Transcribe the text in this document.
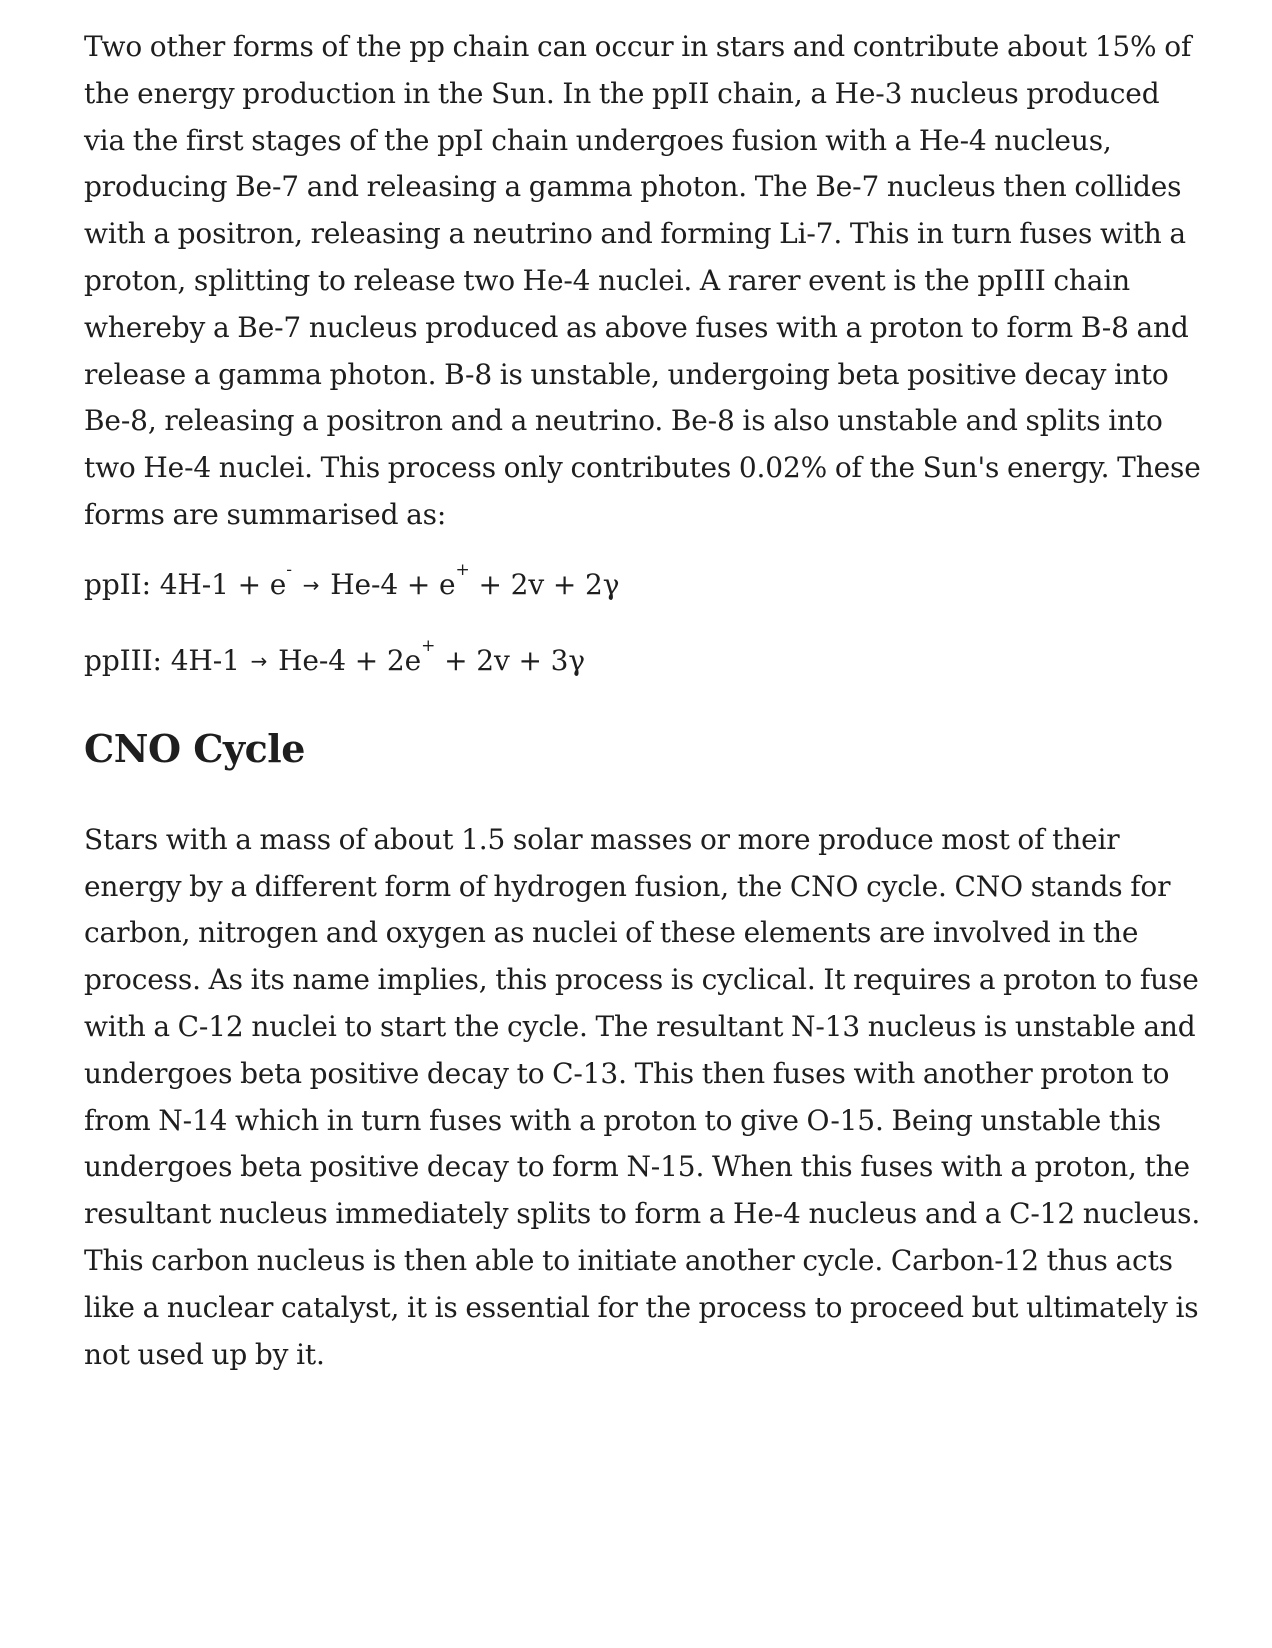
Two other forms of the pp chain can occur in stars and contribute about 15% of the energy production in the Sun. In the ppII chain, a He-3 nucleus produced via the first stages of the ppI chain undergoes fusion with a He-4 nucleus, producing Be-7 and releasing a gamma photon. The Be-7 nucleus then collides with a positron, releasing a neutrino and forming Li-7. This in turn fuses with a proton, splitting to release two He-4 nuclei. A rarer event is the ppIII chain whereby a Be-7 nucleus produced as above fuses with a proton to form B-8 and release a gamma photon. B-8 is unstable, undergoing beta positive decay into Be-8, releasing a positron and a neutrino. Be-8 is also unstable and splits into two He-4 nuclei. This process only contributes 0.02% of the Sun's energy. These forms are summarised as:

ppII: 4H-1 + e- → He-4 + e+ + 2v + 2γ

ppIII: 4H-1 → He-4 + 2e+ + 2v + 3γ

CNO Cycle

Stars with a mass of about 1.5 solar masses or more produce most of their energy by a different form of hydrogen fusion, the CNO cycle. CNO stands for carbon, nitrogen and oxygen as nuclei of these elements are involved in the process. As its name implies, this process is cyclical. It requires a proton to fuse with a C-12 nuclei to start the cycle. The resultant N-13 nucleus is unstable and undergoes beta positive decay to C-13. This then fuses with another proton to from N-14 which in turn fuses with a proton to give O-15. Being unstable this undergoes beta positive decay to form N-15. When this fuses with a proton, the resultant nucleus immediately splits to form a He-4 nucleus and a C-12 nucleus. This carbon nucleus is then able to initiate another cycle. Carbon-12 thus acts like a nuclear catalyst, it is essential for the process to proceed but ultimately is not used up by it.
